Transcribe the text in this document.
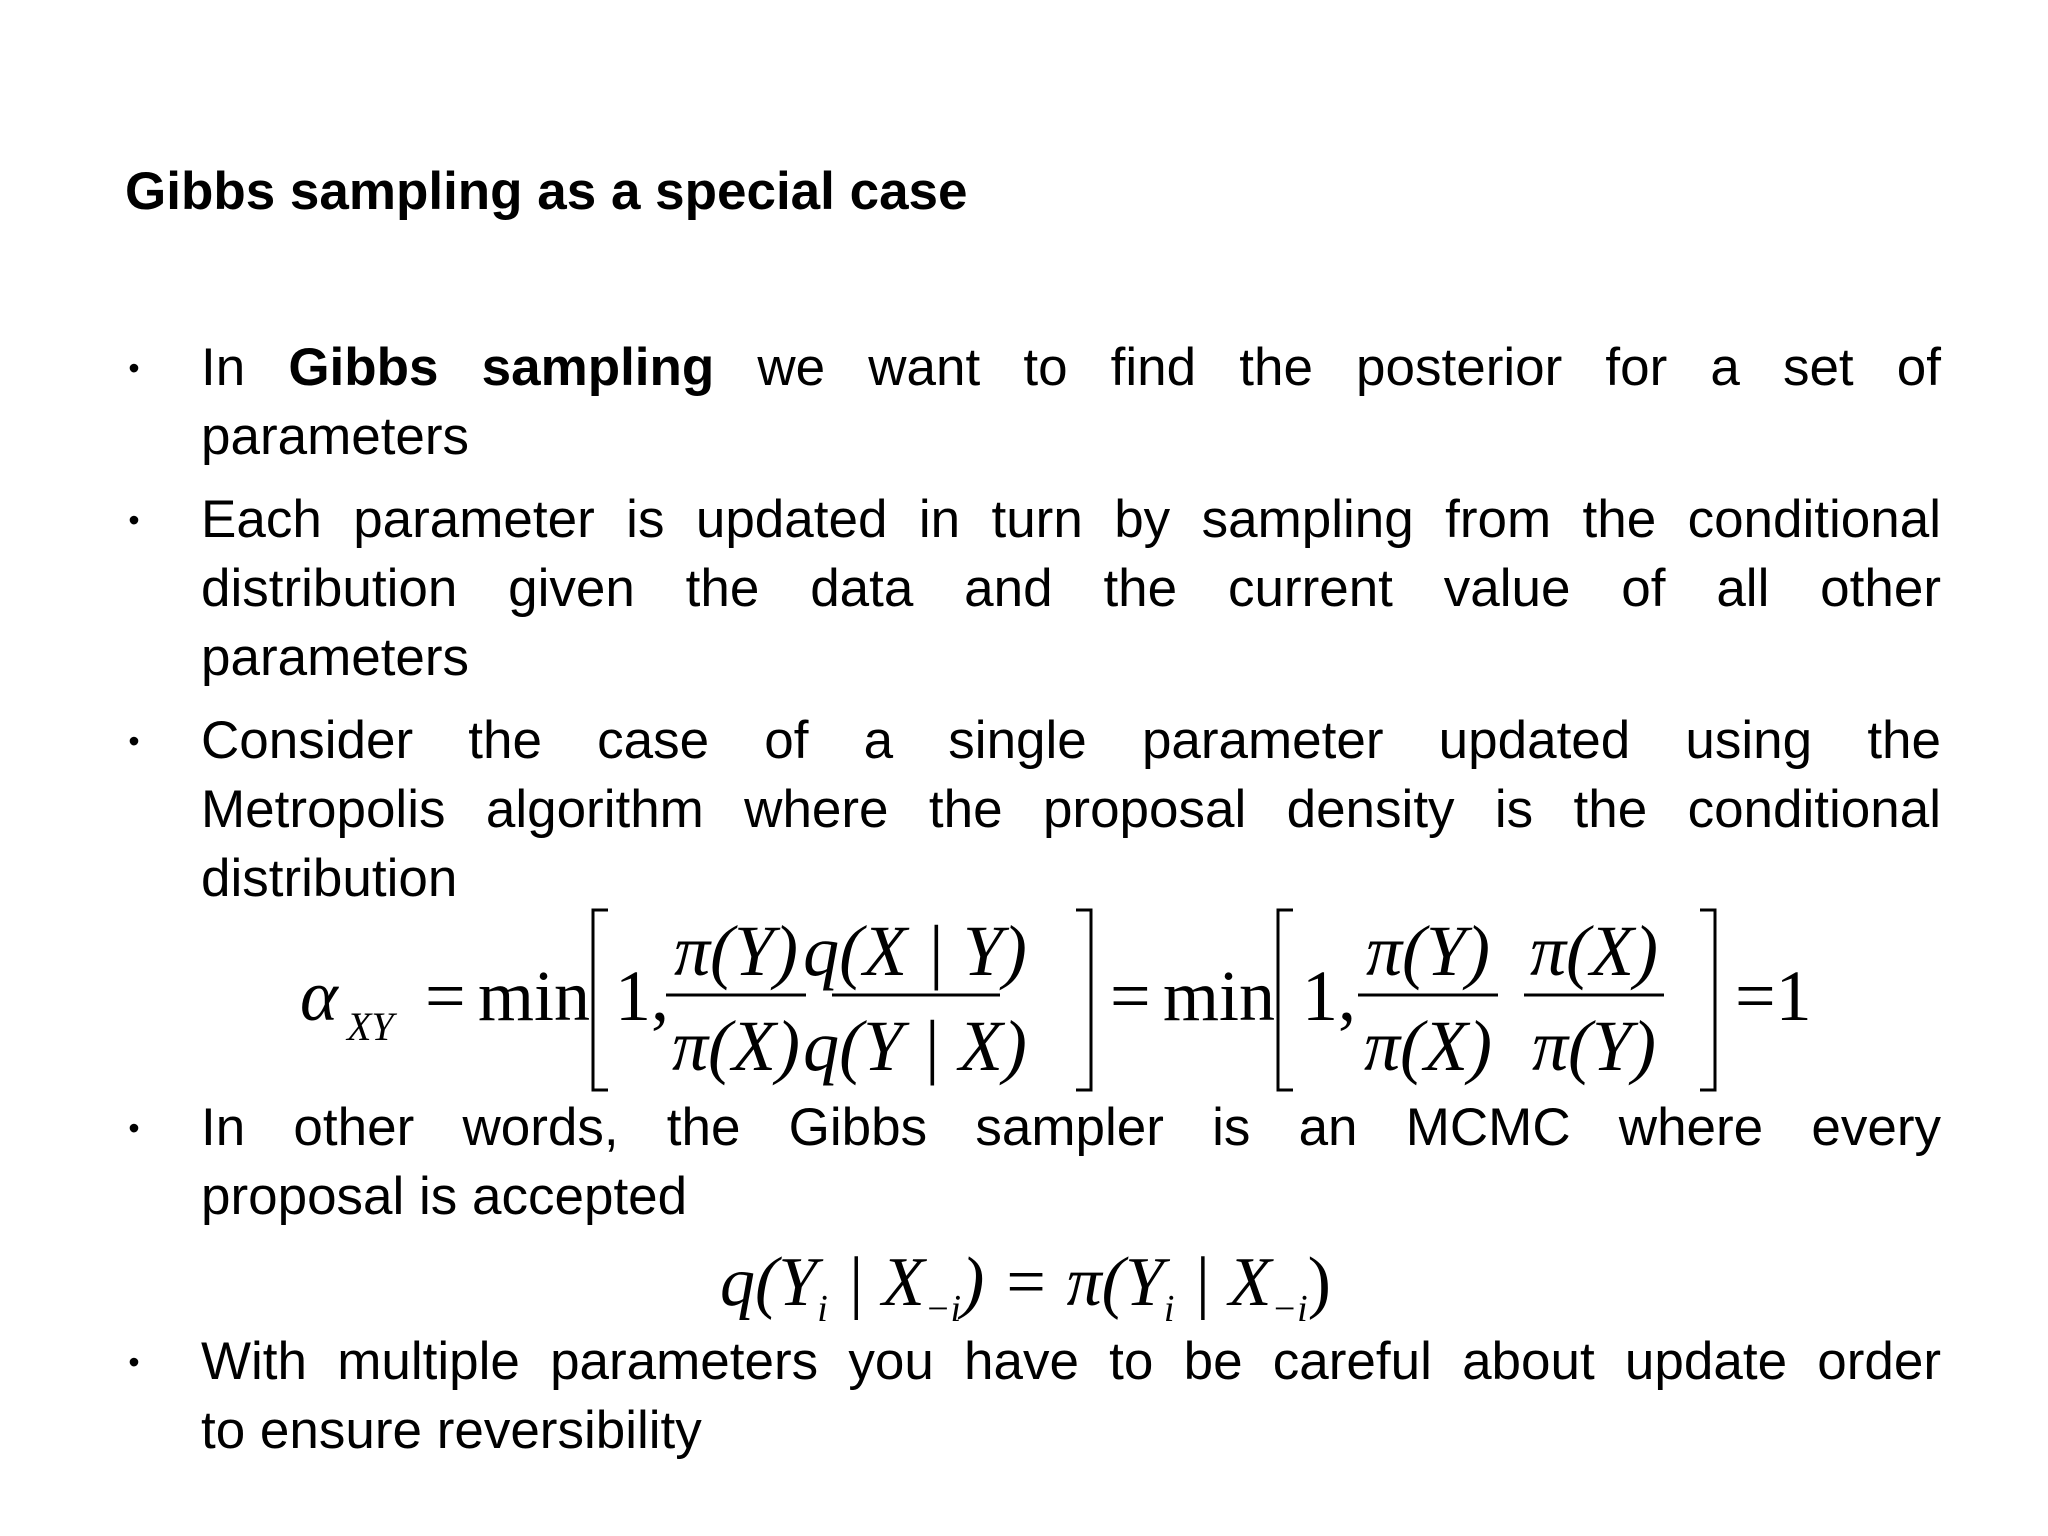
Gibbs sampling as a special case
• In Gibbs sampling we want to find the posterior for a set of
parameters
• Each parameter is updated in turn by sampling from the conditional
distribution given the data and the current value of all other
parameters
• Consider the case of a single parameter updated using the
Metropolis algorithm where the proposal density is the conditional
distribution
α XY = min 1,
π(Y)
π(X)
q(X | Y)
q(Y | X)
= min 1,
π(Y)
π(X)
π(X)
π(Y)
=1
• In other words, the Gibbs sampler is an MCMC where every
proposal is accepted
$q(Y_i$ | $X_{-i}) = \pi(Y_i$ | $X_{-i}$)
• With multiple parameters you have to be careful about update order
to ensure reversibility
